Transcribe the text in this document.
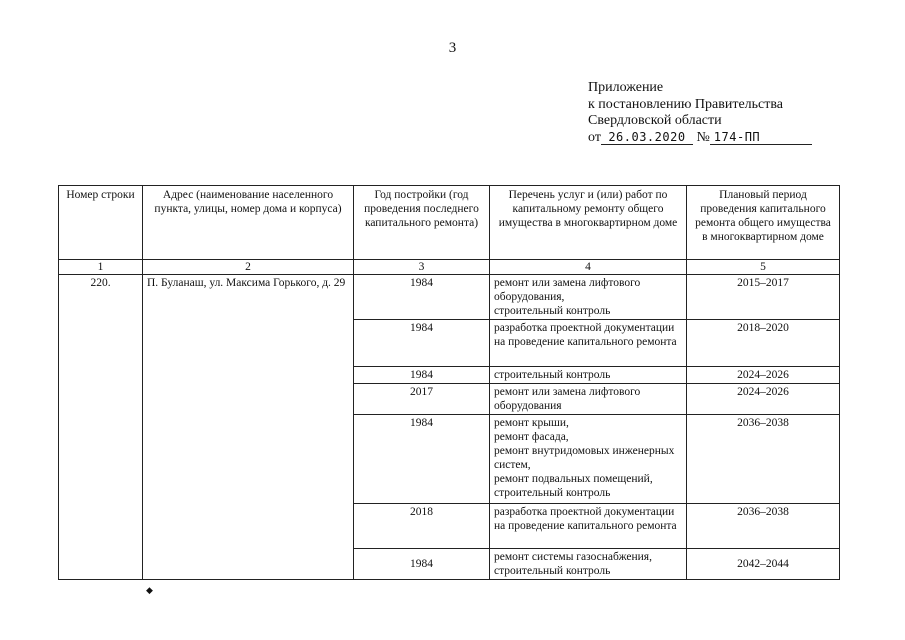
3
Приложение
к постановлению Правительства
Свердловской области
от 26.03.2020 № 174-ПП
Номер строки	Адрес (наименование населенного пункта, улицы, номер дома и корпуса)	Год постройки (год проведения последнего капитального ремонта)	Перечень услуг и (или) работ по капитальному ремонту общего имущества в многоквартирном доме	Плановый период проведения капитального ремонта общего имущества в многоквартирном доме
1	2	3	4	5
220.	П. Буланаш, ул. Максима Горького, д. 29	1984	ремонт или замена лифтового оборудования,
строительный контроль	2015–2017
		1984	разработка проектной документации на проведение капитального ремонта	2018–2020
		1984	строительный контроль	2024–2026
		2017	ремонт или замена лифтового оборудования	2024–2026
		1984	ремонт крыши,
ремонт фасада,
ремонт внутридомовых инженерных систем,
ремонт подвальных помещений,
строительный контроль	2036–2038
		2018	разработка проектной документации на проведение капитального ремонта	2036–2038
		1984	ремонт системы газоснабжения,
строительный контроль	2042–2044
◆
